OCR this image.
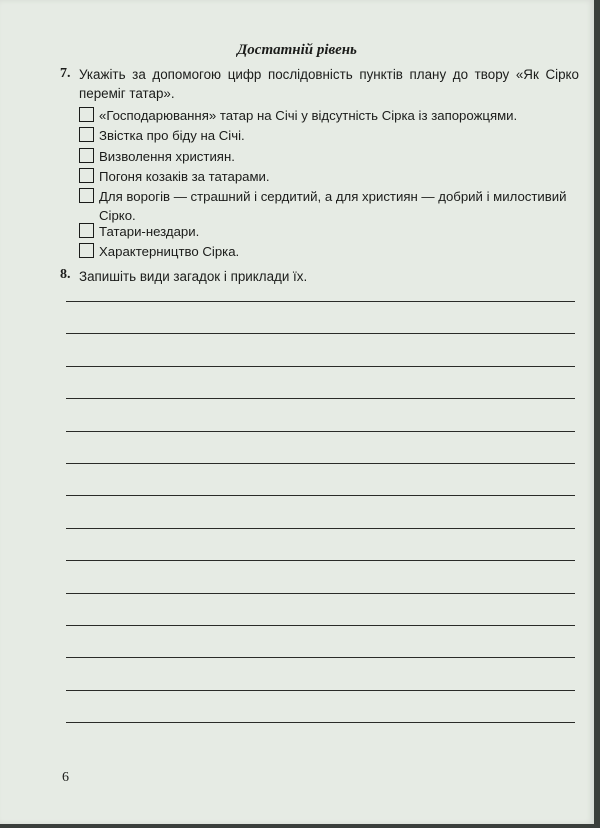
Достатній рівень
7. Укажіть за допомогою цифр послідовність пунктів плану до твору «Як Сірко переміг татар».
«Господарювання» татар на Січі у відсутність Сірка із запорожцями.
Звістка про біду на Січі.
Визволення християн.
Погоня козаків за татарами.
Для ворогів — страшний і сердитий, а для християн — добрий і милостивий Сірко.
Татари-нездари.
Характерництво Сірка.
8. Запишіть види загадок і приклади їх.
6
